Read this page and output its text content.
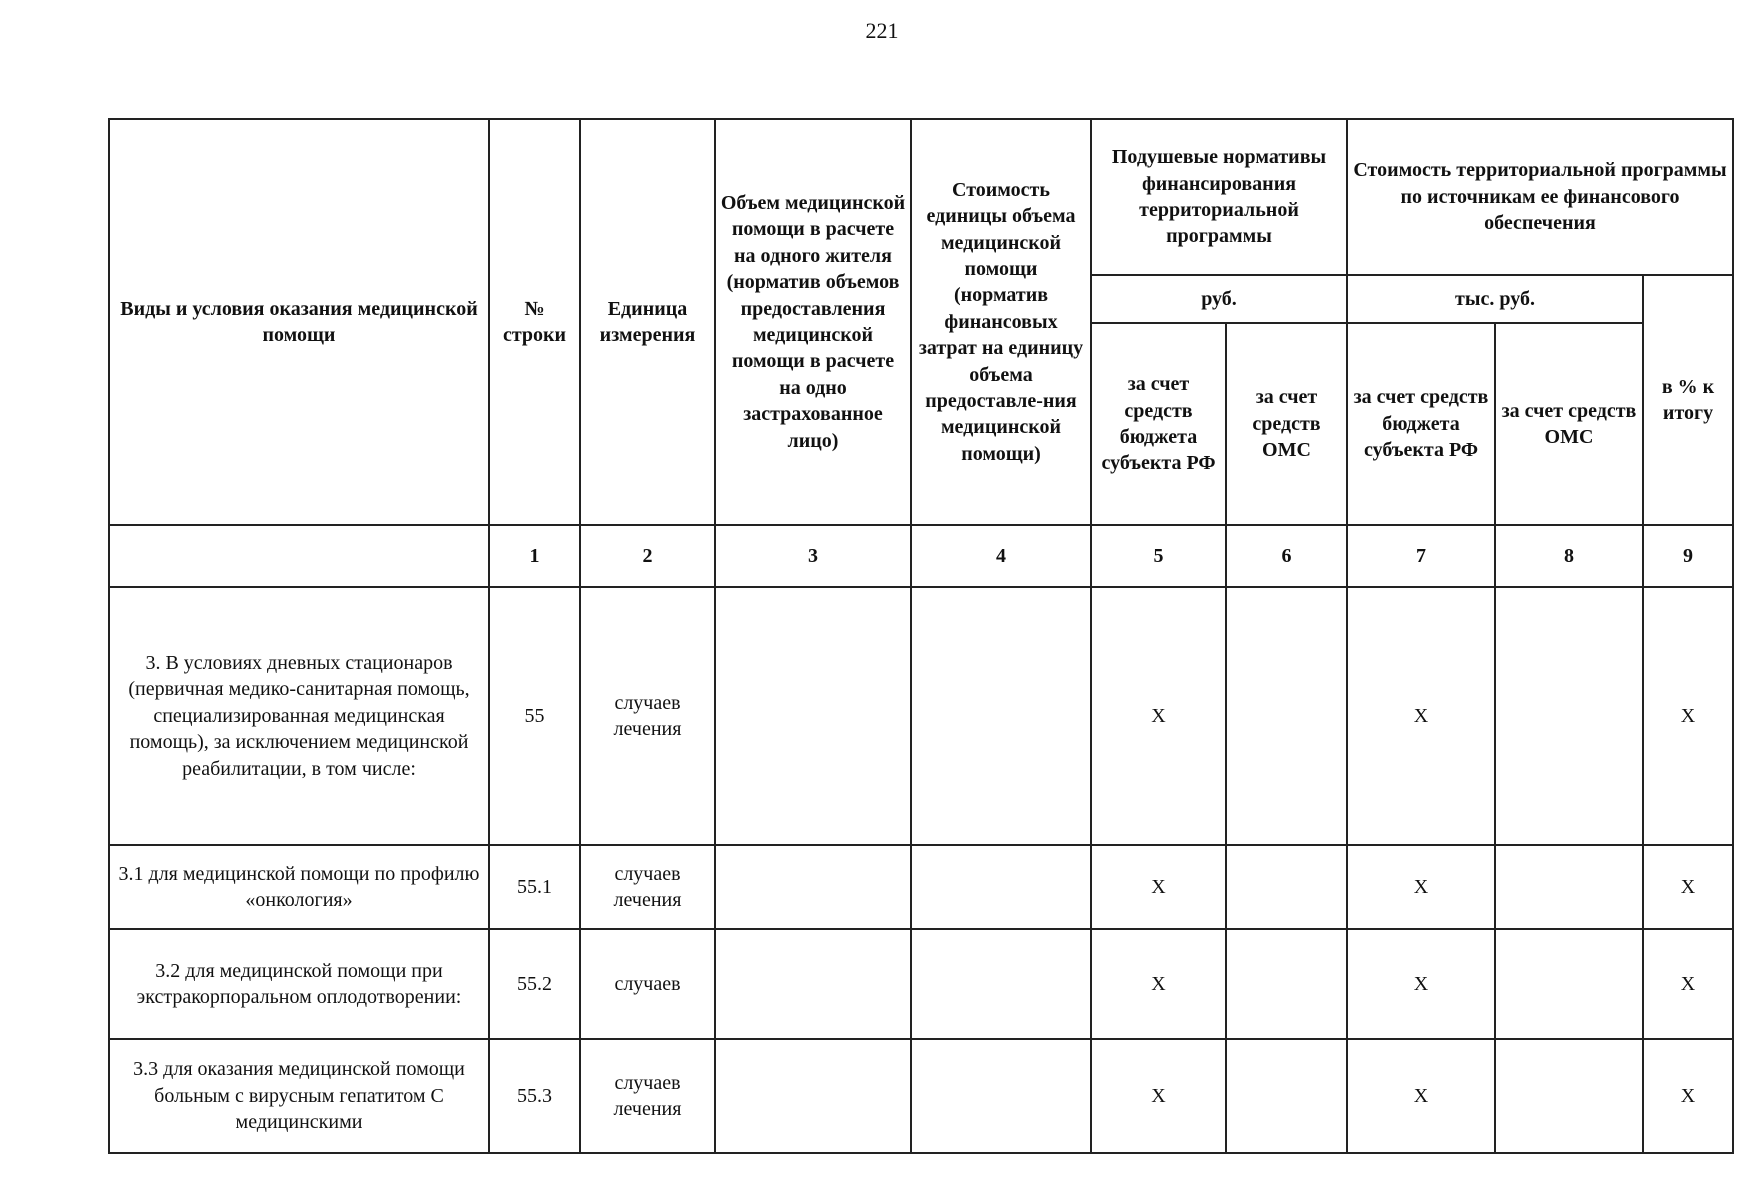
221
Виды и условия оказания медицинской помощи	№ строки	Единица измерения	Объем медицинской помощи в расчете на одного жителя (норматив объемов предоставления медицинской помощи в расчете на одно застрахованное лицо)	Стоимость единицы объема медицинской помощи (норматив финансовых затрат на единицу объема предоставле-ния медицинской помощи)	Подушевые нормативы финансирования территориальной программы		Стоимость территориальной программы по источникам ее финансового обеспечения		
					руб.		тыс. руб.		в % к итогу
					за счет средств бюджета субъекта РФ	за счет средств ОМС	за счет средств бюджета субъекта РФ	за счет средств ОМС	
	1	2	3	4	5	6	7	8	9
3. В условиях дневных стационаров (первичная медико-санитарная помощь, специализированная медицинская помощь), за исключением медицинской реабилитации, в том числе:	55	случаев лечения			Х		Х		Х
3.1 для медицинской помощи по профилю «онкология»	55.1	случаев лечения			Х		Х		Х
3.2 для медицинской помощи при экстракорпоральном оплодотворении:	55.2	случаев			Х		Х		Х
3.3 для оказания медицинской помощи больным с вирусным гепатитом С медицинскими	55.3	случаев лечения			Х		Х		Х
